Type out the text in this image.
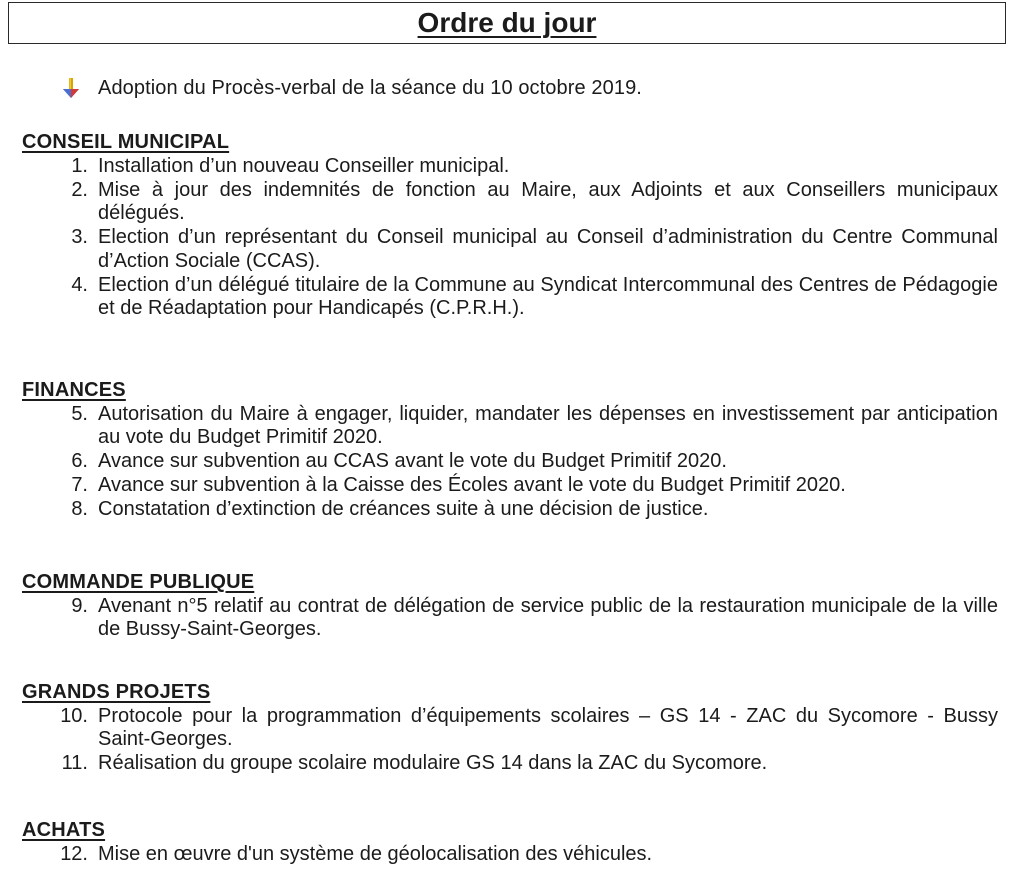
Ordre du jour
Adoption du Procès-verbal de la séance du 10 octobre 2019.
CONSEIL MUNICIPAL
1. Installation d’un nouveau Conseiller municipal.
2. Mise à jour des indemnités de fonction au Maire, aux Adjoints et aux Conseillers municipaux délégués.
3. Election d’un représentant du Conseil municipal au Conseil d’administration du Centre Communal d’Action Sociale (CCAS).
4. Election d’un délégué titulaire de la Commune au Syndicat Intercommunal des Centres de Pédagogie et de Réadaptation pour Handicapés (C.P.R.H.).
FINANCES
5. Autorisation du Maire à engager, liquider, mandater les dépenses en investissement par anticipation au vote du Budget Primitif 2020.
6. Avance sur subvention au CCAS avant le vote du Budget Primitif 2020.
7. Avance sur subvention à la Caisse des Écoles avant le vote du Budget Primitif 2020.
8. Constatation d’extinction de créances suite à une décision de justice.
COMMANDE PUBLIQUE
9. Avenant n°5 relatif au contrat de délégation de service public de la restauration municipale de la ville de Bussy-Saint-Georges.
GRANDS PROJETS
10. Protocole pour la programmation d’équipements scolaires – GS 14 - ZAC du Sycomore - Bussy Saint-Georges.
11. Réalisation du groupe scolaire modulaire GS 14 dans la ZAC du Sycomore.
ACHATS
12. Mise en œuvre d'un système de géolocalisation des véhicules.
